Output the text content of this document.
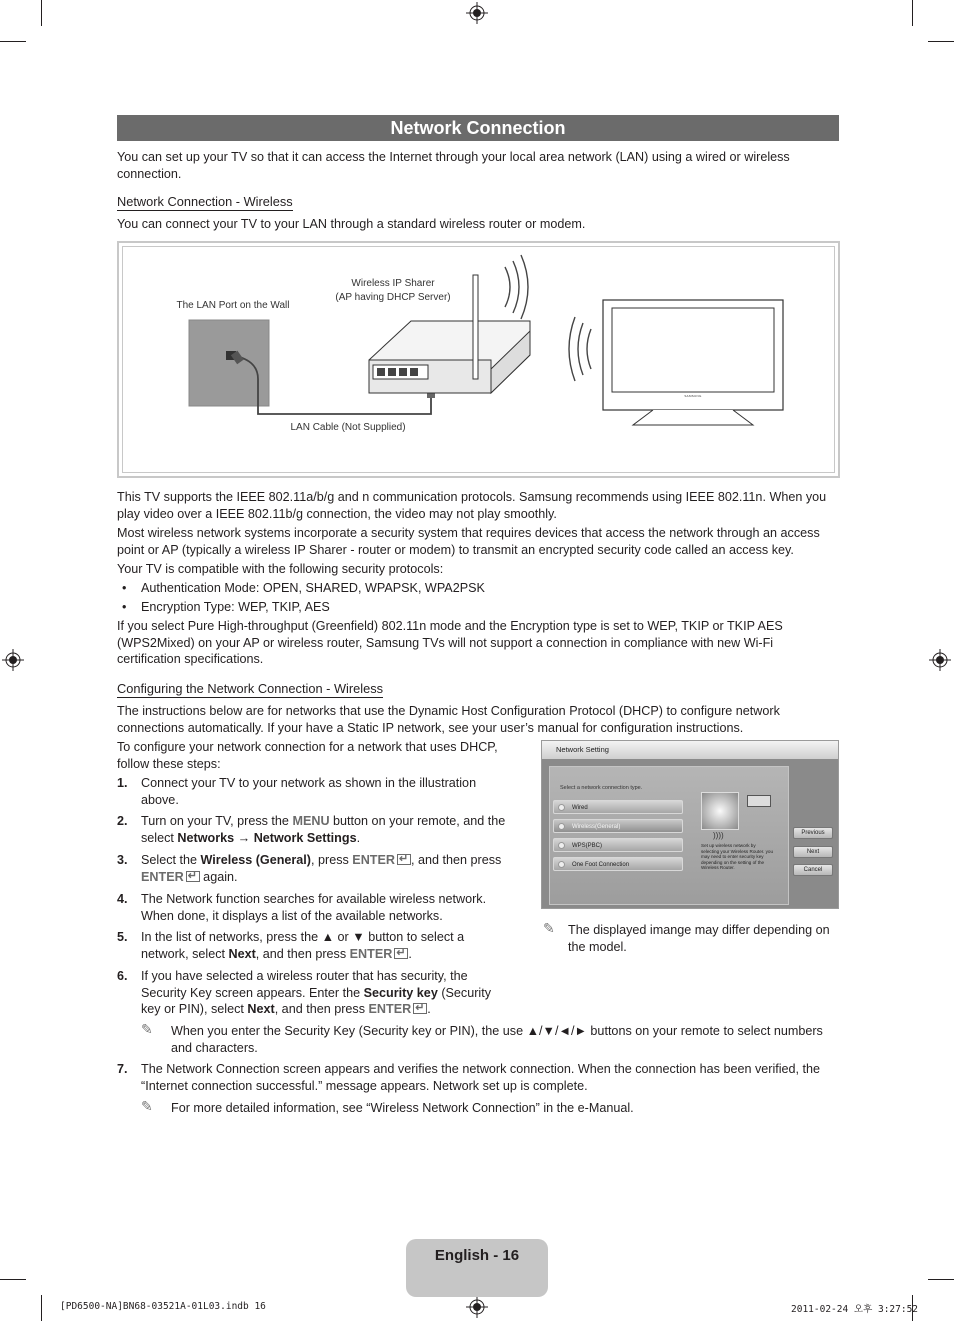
Network Connection
You can set up your TV so that it can access the Internet through your local area network (LAN) using a wired or wireless connection.
Network Connection - Wireless
You can connect your TV to your LAN through a standard wireless router or modem.
The LAN Port on the Wall
Wireless IP Sharer
(AP having DHCP Server)
LAN Cable (Not Supplied)
SAMSUNG
This TV supports the IEEE 802.11a/b/g and n communication protocols. Samsung recommends using IEEE 802.11n. When you play video over a IEEE 802.11b/g connection, the video may not play smoothly.
Most wireless network systems incorporate a security system that requires devices that access the network through an access point or AP (typically a wireless IP Sharer - router or modem) to transmit an encrypted security code called an access key.
Your TV is compatible with the following security protocols:
• Authentication Mode: OPEN, SHARED, WPAPSK, WPA2PSK
• Encryption Type: WEP, TKIP, AES
If you select Pure High-throughput (Greenfield) 802.11n mode and the Encryption type is set to WEP, TKIP or TKIP AES (WPS2Mixed) on your AP or wireless router, Samsung TVs will not support a connection in compliance with new Wi-Fi certification specifications.
Configuring the Network Connection - Wireless
The instructions below are for networks that use the Dynamic Host Configuration Protocol (DHCP) to configure network connections automatically. If your have a Static IP network, see your user’s manual for configuration instructions.
To configure your network connection for a network that uses DHCP, follow these steps:
1. Connect your TV to your network as shown in the illustration above.
2. Turn on your TV, press the MENU button on your remote, and the select Networks → Network Settings.
3. Select the Wireless (General), press ENTER ↵ , and then press ENTER↵ again.
4. The Network function searches for available wireless network. When done, it displays a list of the available networks.
5. In the list of networks, press the ▲ or ▼ button to select a network, select Next, and then press ENTER ↵ .
6. If you have selected a wireless router that has security, the Security Key screen appears. Enter the Security key (Security key or PIN), select Next, and then press ENTER ↵ .
✎	When you enter the Security Key (Security key or PIN), the use ▲/▼/◄/► buttons on your remote to select numbers and characters.
7. The Network Connection screen appears and verifies the network connection. When the connection has been verified, the “Internet connection successful.” message appears. Network set up is complete.
✎	For more detailed information, see “Wireless Network Connection” in the e-Manual.
Network Setting
Select a network connection type.
Wired
Wireless(General)
WPS(PBC)
One Foot Connection
))))
Set up wireless network by selecting your Wireless Router. you may need to enter security key depending on the setting of the Wireless Router.
Previous
Next
Cancel
✎	The displayed imange may differ depending on the model.
English - 16
[PD6500-NA]BN68-03521A-01L03.indb 16	2011-02-24 오후 3:27:52
